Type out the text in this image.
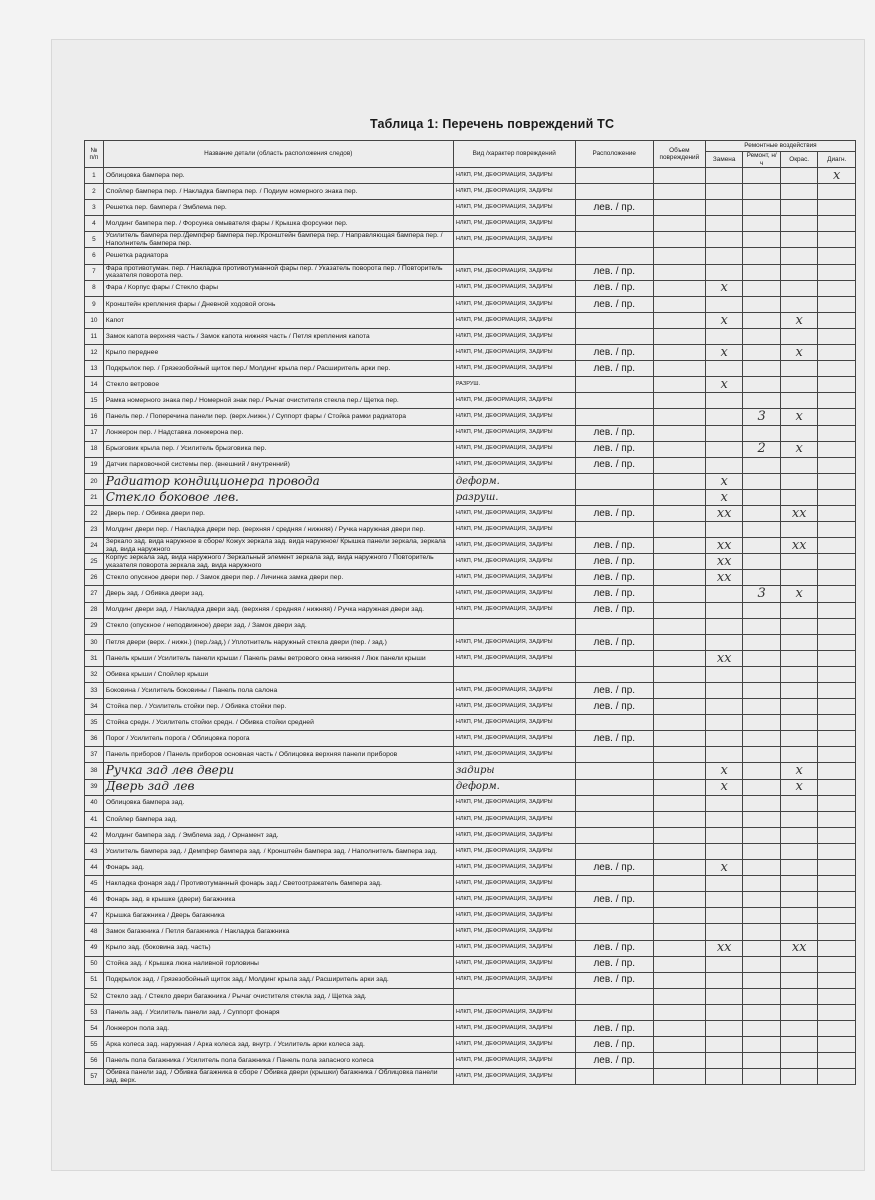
Таблица 1: Перечень повреждений ТС
№ п/п	Название детали (область расположения следов)	Вид /характер повреждений	Расположение	Объем повреждений	Ремонтные воздействия			
					Замена	Ремонт, н/ч	Окрас.	Диагн.
1	Облицовка бампера пер.	НЛКП, РМ, ДЕФОРМАЦИЯ, ЗАДИРЫ						х
2	Спойлер бампера пер. / Накладка бампера пер. / Подиум номерного знака пер.	НЛКП, РМ, ДЕФОРМАЦИЯ, ЗАДИРЫ						
3	Решетка пер. бампера / Эмблема пер.	НЛКП, РМ, ДЕФОРМАЦИЯ, ЗАДИРЫ	лев. / пр.					
4	Молдинг бампера пер. / Форсунка омывателя фары / Крышка форсунки пер.	НЛКП, РМ, ДЕФОРМАЦИЯ, ЗАДИРЫ						
5	Усилитель бампера пер./Демпфер бампера пер./Кронштейн бампера пер. / Направляющая бампера пер. / Наполнитель бампера пер.	НЛКП, РМ, ДЕФОРМАЦИЯ, ЗАДИРЫ						
6	Решетка радиатора							
7	Фара противотуман. пер. / Накладка противотуманной фары пер. / Указатель поворота пер. / Повторитель указателя поворота пер.	НЛКП, РМ, ДЕФОРМАЦИЯ, ЗАДИРЫ	лев. / пр.					
8	Фара / Корпус фары / Стекло фары	НЛКП, РМ, ДЕФОРМАЦИЯ, ЗАДИРЫ	лев. / пр.		х			
9	Кронштейн крепления фары / Дневной ходовой огонь	НЛКП, РМ, ДЕФОРМАЦИЯ, ЗАДИРЫ	лев. / пр.					
10	Капот	НЛКП, РМ, ДЕФОРМАЦИЯ, ЗАДИРЫ			х		х	
11	Замок капота верхняя часть / Замок капота нижняя часть / Петля крепления капота	НЛКП, РМ, ДЕФОРМАЦИЯ, ЗАДИРЫ						
12	Крыло переднее	НЛКП, РМ, ДЕФОРМАЦИЯ, ЗАДИРЫ	лев. / пр.		х		х	
13	Подкрылок пер. / Грязезобойный щиток пер./ Молдинг крыла пер./ Расширитель арки пер.	НЛКП, РМ, ДЕФОРМАЦИЯ, ЗАДИРЫ	лев. / пр.					
14	Стекло ветровое	РАЗРУШ.			х			
15	Рамка номерного знака пер./ Номерной знак пер./ Рычаг очистителя стекла пер./ Щетка пер.	НЛКП, РМ, ДЕФОРМАЦИЯ, ЗАДИРЫ						
16	Панель пер. / Поперечина панели пер. (верх./нижн.) / Суппорт фары / Стойка рамки радиатора	НЛКП, РМ, ДЕФОРМАЦИЯ, ЗАДИРЫ				3	х	
17	Лонжерон пер. / Надставка лонжерона пер.	НЛКП, РМ, ДЕФОРМАЦИЯ, ЗАДИРЫ	лев. / пр.					
18	Брызговик крыла пер. / Усилитель брызговика пер.	НЛКП, РМ, ДЕФОРМАЦИЯ, ЗАДИРЫ	лев. / пр.			2	х	
19	Датчик парковочной системы пер. (внешний / внутренний)	НЛКП, РМ, ДЕФОРМАЦИЯ, ЗАДИРЫ	лев. / пр.					
20	Радиатор кондиционера провода	деформ.			х			
21	Стекло боковое лев.	разруш.			х			
22	Дверь пер. / Обивка двери пер.	НЛКП, РМ, ДЕФОРМАЦИЯ, ЗАДИРЫ	лев. / пр.		хх		хх	
23	Молдинг двери пер. / Накладка двери пер. (верхняя / средняя / нижняя) / Ручка наружная двери пер.	НЛКП, РМ, ДЕФОРМАЦИЯ, ЗАДИРЫ						
24	Зеркало зад. вида наружное в сборе/ Кожух зеркала зад. вида наружное/ Крышка панели зеркала, зеркала зад. вида наружного	НЛКП, РМ, ДЕФОРМАЦИЯ, ЗАДИРЫ	лев. / пр.		хх		хх	
25	Корпус зеркала зад. вида наружного / Зеркальный элемент зеркала зад. вида наружного / Повторитель указателя поворота зеркала зад. вида наружного	НЛКП, РМ, ДЕФОРМАЦИЯ, ЗАДИРЫ	лев. / пр.		хх			
26	Стекло опускное двери пер. / Замок двери пер. / Личинка замка двери пер.	НЛКП, РМ, ДЕФОРМАЦИЯ, ЗАДИРЫ	лев. / пр.		хх			
27	Дверь зад. / Обивка двери зад.	НЛКП, РМ, ДЕФОРМАЦИЯ, ЗАДИРЫ	лев. / пр.			3	х	
28	Молдинг двери зад. / Накладка двери зад. (верхняя / средняя / нижняя) / Ручка наружная двери зад.	НЛКП, РМ, ДЕФОРМАЦИЯ, ЗАДИРЫ	лев. / пр.					
29	Стекло (опускное / неподвижное) двери зад. / Замок двери зад.							
30	Петля двери (верх. / нижн.) (пер./зад.) / Уплотнитель наружный стекла двери (пер. / зад.)	НЛКП, РМ, ДЕФОРМАЦИЯ, ЗАДИРЫ	лев. / пр.					
31	Панель крыши / Усилитель панели крыши / Панель рамы ветрового окна нижняя / Люк панели крыши	НЛКП, РМ, ДЕФОРМАЦИЯ, ЗАДИРЫ			хх			
32	Обивка крыши / Спойлер крыши							
33	Боковина / Усилитель боковины / Панель пола салона	НЛКП, РМ, ДЕФОРМАЦИЯ, ЗАДИРЫ	лев. / пр.					
34	Стойка пер. / Усилитель стойки пер. / Обивка стойки пер.	НЛКП, РМ, ДЕФОРМАЦИЯ, ЗАДИРЫ	лев. / пр.					
35	Стойка средн. / Усилитель стойки средн. / Обивка стойки средней	НЛКП, РМ, ДЕФОРМАЦИЯ, ЗАДИРЫ						
36	Порог / Усилитель порога / Облицовка порога	НЛКП, РМ, ДЕФОРМАЦИЯ, ЗАДИРЫ	лев. / пр.					
37	Панель приборов / Панель приборов основная часть / Облицовка верхняя панели приборов	НЛКП, РМ, ДЕФОРМАЦИЯ, ЗАДИРЫ						
38	Ручка зад лев двери	задиры			х		х	
39	Дверь зад лев	деформ.			х		х	
40	Облицовка бампера зад.	НЛКП, РМ, ДЕФОРМАЦИЯ, ЗАДИРЫ						
41	Спойлер бампера зад.	НЛКП, РМ, ДЕФОРМАЦИЯ, ЗАДИРЫ						
42	Молдинг бампера зад. / Эмблема зад. / Орнамент зад.	НЛКП, РМ, ДЕФОРМАЦИЯ, ЗАДИРЫ						
43	Усилитель бампера зад. / Демпфер бампера зад. / Кронштейн бампера зад. / Наполнитель бампера зад.	НЛКП, РМ, ДЕФОРМАЦИЯ, ЗАДИРЫ						
44	Фонарь зад.	НЛКП, РМ, ДЕФОРМАЦИЯ, ЗАДИРЫ	лев. / пр.		х			
45	Накладка фонаря зад./ Противотуманный фонарь зад./ Светоотражатель бампера зад.	НЛКП, РМ, ДЕФОРМАЦИЯ, ЗАДИРЫ						
46	Фонарь зад. в крышке (двери) багажника	НЛКП, РМ, ДЕФОРМАЦИЯ, ЗАДИРЫ	лев. / пр.					
47	Крышка багажника / Дверь багажника	НЛКП, РМ, ДЕФОРМАЦИЯ, ЗАДИРЫ						
48	Замок багажника / Петля багажника / Накладка багажника	НЛКП, РМ, ДЕФОРМАЦИЯ, ЗАДИРЫ						
49	Крыло зад. (боковина зад. часть)	НЛКП, РМ, ДЕФОРМАЦИЯ, ЗАДИРЫ	лев. / пр.		хх		хх	
50	Стойка зад. / Крышка люка наливной горловины	НЛКП, РМ, ДЕФОРМАЦИЯ, ЗАДИРЫ	лев. / пр.					
51	Подкрылок зад. / Грязезобойный щиток зад./ Молдинг крыла зад./ Расширитель арки зад.	НЛКП, РМ, ДЕФОРМАЦИЯ, ЗАДИРЫ	лев. / пр.					
52	Стекло зад. / Стекло двери багажника / Рычаг очистителя стекла зад. / Щетка зад.							
53	Панель зад. / Усилитель панели зад. / Суппорт фонаря	НЛКП, РМ, ДЕФОРМАЦИЯ, ЗАДИРЫ						
54	Лонжерон пола зад.	НЛКП, РМ, ДЕФОРМАЦИЯ, ЗАДИРЫ	лев. / пр.					
55	Арка колеса зад. наружная / Арка колеса зад. внутр. / Усилитель арки колеса зад.	НЛКП, РМ, ДЕФОРМАЦИЯ, ЗАДИРЫ	лев. / пр.					
56	Панель пола багажника / Усилитель пола багажника / Панель пола запасного колеса	НЛКП, РМ, ДЕФОРМАЦИЯ, ЗАДИРЫ	лев. / пр.					
57	Обивка панели зад. / Обивка багажника в сборе / Обивка двери (крышки) багажника / Облицовка панели зад. верх.	НЛКП, РМ, ДЕФОРМАЦИЯ, ЗАДИРЫ						
